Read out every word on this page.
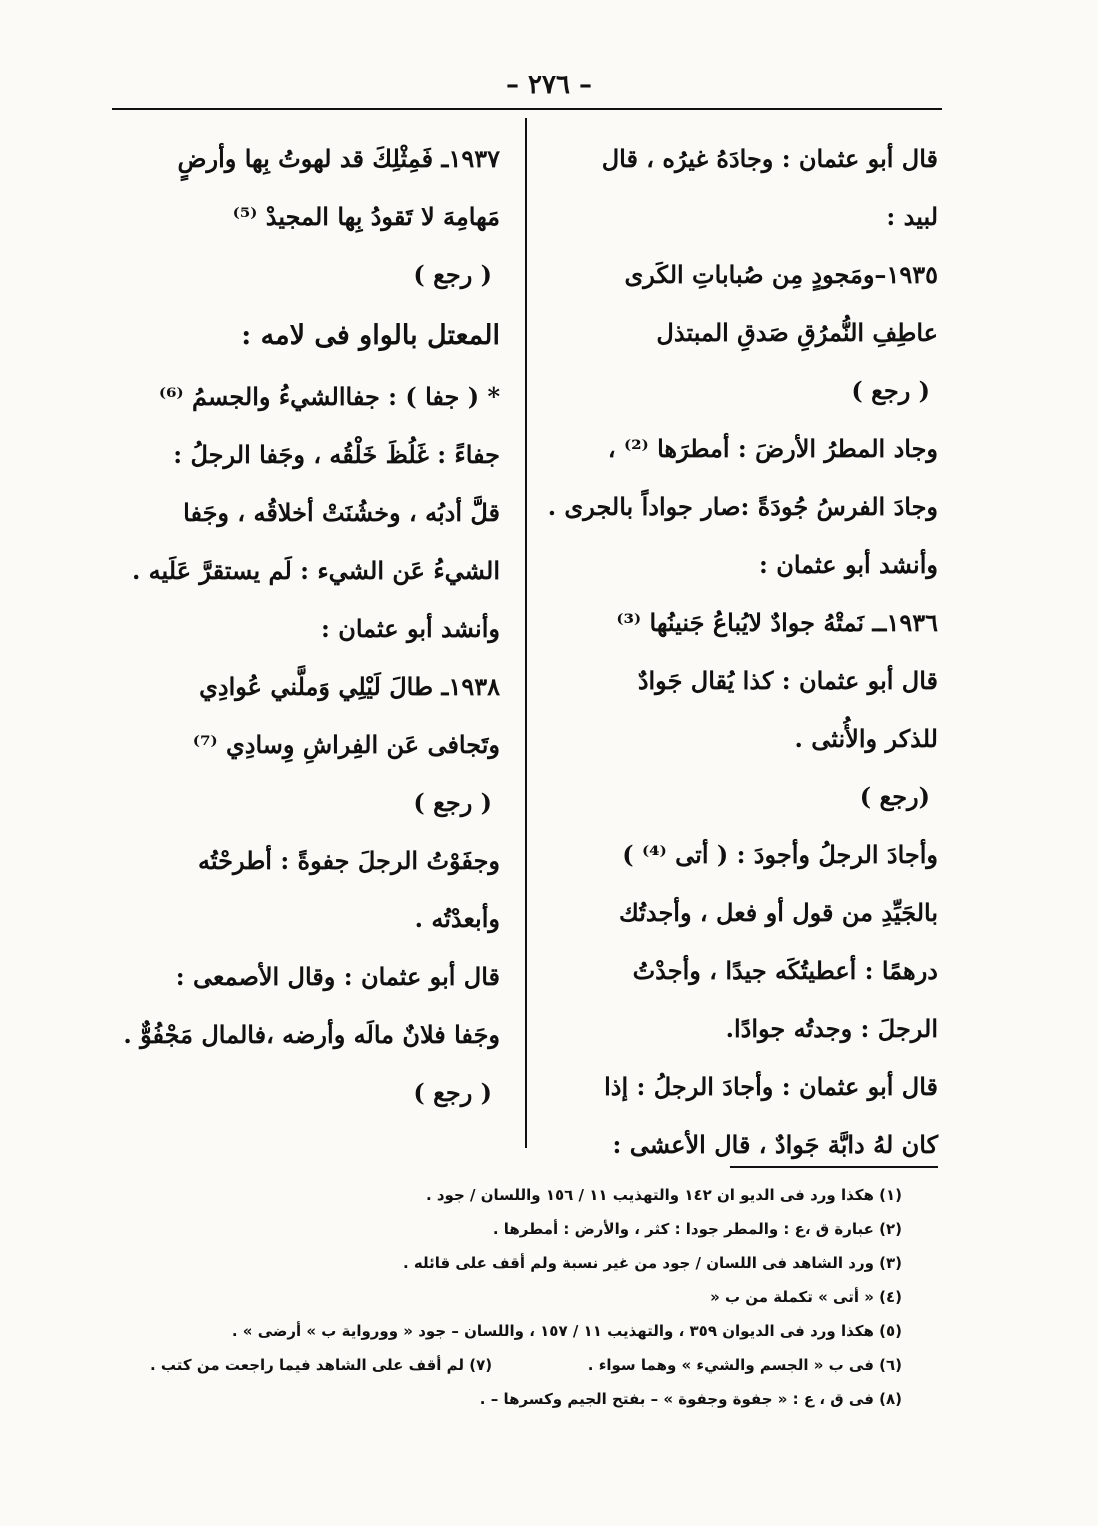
– ٢٧٦ –
قال أبو عثمان : وجادَهُ غيرُه ، قال
لبيد :
١٩٣٥–ومَجودٍ مِن صُباباتِ الكَرى
عاطِفِ النُّمرُقِ صَدقِ المبتذل
( رجع )
وجاد المطرُ الأرضَ : أمطرَها ⁽²⁾ ،
وجادَ الفرسُ جُودَةً :صار جواداً بالجرى .
وأنشد أبو عثمان :
١٩٣٦ــ نَمتْهُ جوادٌ لايُباعُ جَنينُها ⁽³⁾
قال أبو عثمان : كذا يُقال جَوادٌ
للذكر والأُنثى .
(رجع )
وأجادَ الرجلُ وأجودَ : ( أتى ⁽⁴⁾ )
بالجَيِّدِ من قول أو فعل ، وأجدتُك
درهمًا : أعطيتُكَه جيدًا ، وأجدْتُ
الرجلَ : وجدتُه جوادًا.
قال أبو عثمان : وأجادَ الرجلُ : إذا
كان لهُ دابَّة جَوادٌ ، قال الأعشى :
١٩٣٧ـ فَمِثْلِكَ قد لهوتُ بِها وأرضٍ
مَهامِهَ لا تَقودُ بِها المجيدْ ⁽⁵⁾
( رجع )
المعتل بالواو فى لامه :
* ( جفا ) : جفاالشيءُ والجسمُ ⁽⁶⁾
جفاءً : غَلُظَ خَلْقُه ، وجَفا الرجلُ :
قلَّ أدبُه ، وخشُنَتْ أخلاقُه ، وجَفا
الشيءُ عَن الشيء : لَم يستقرَّ عَلَيه .
وأنشد أبو عثمان :
١٩٣٨ـ طالَ لَيْلِي وَملَّني عُوادِي
وتَجافى عَن الفِراشِ وِسادِي ⁽⁷⁾
( رجع )
وجفَوْتُ الرجلَ جفوةً : أطرحْتُه
وأبعدْتُه .
قال أبو عثمان : وقال الأصمعى :
وجَفا فلانٌ مالَه وأرضه ،فالمال مَجْفُوٌّ .
( رجع )
(١) هكذا ورد فى الديو ان ١٤٢ والتهذيب ١١ / ١٥٦ واللسان / جود .
(٢) عبارة ق ،ع : والمطر جودا : كثر ، والأرض : أمطرها .
(٣) ورد الشاهد فى اللسان / جود من غير نسبة ولم أقف على قائله .
(٤) « أتى » تكملة من ب «
(٥) هكذا ورد فى الديوان ٣٥٩ ، والتهذيب ١١ / ١٥٧ ، واللسان – جود « وورواية ب » أرضى » .
(٦) فى ب « الجسم والشيء » وهما سواء .
(٧) لم أقف على الشاهد فيما راجعت من كتب .
(٨) فى ق ، ع : « جفوة وجفوة » – بفتح الجيم وكسرها – .
